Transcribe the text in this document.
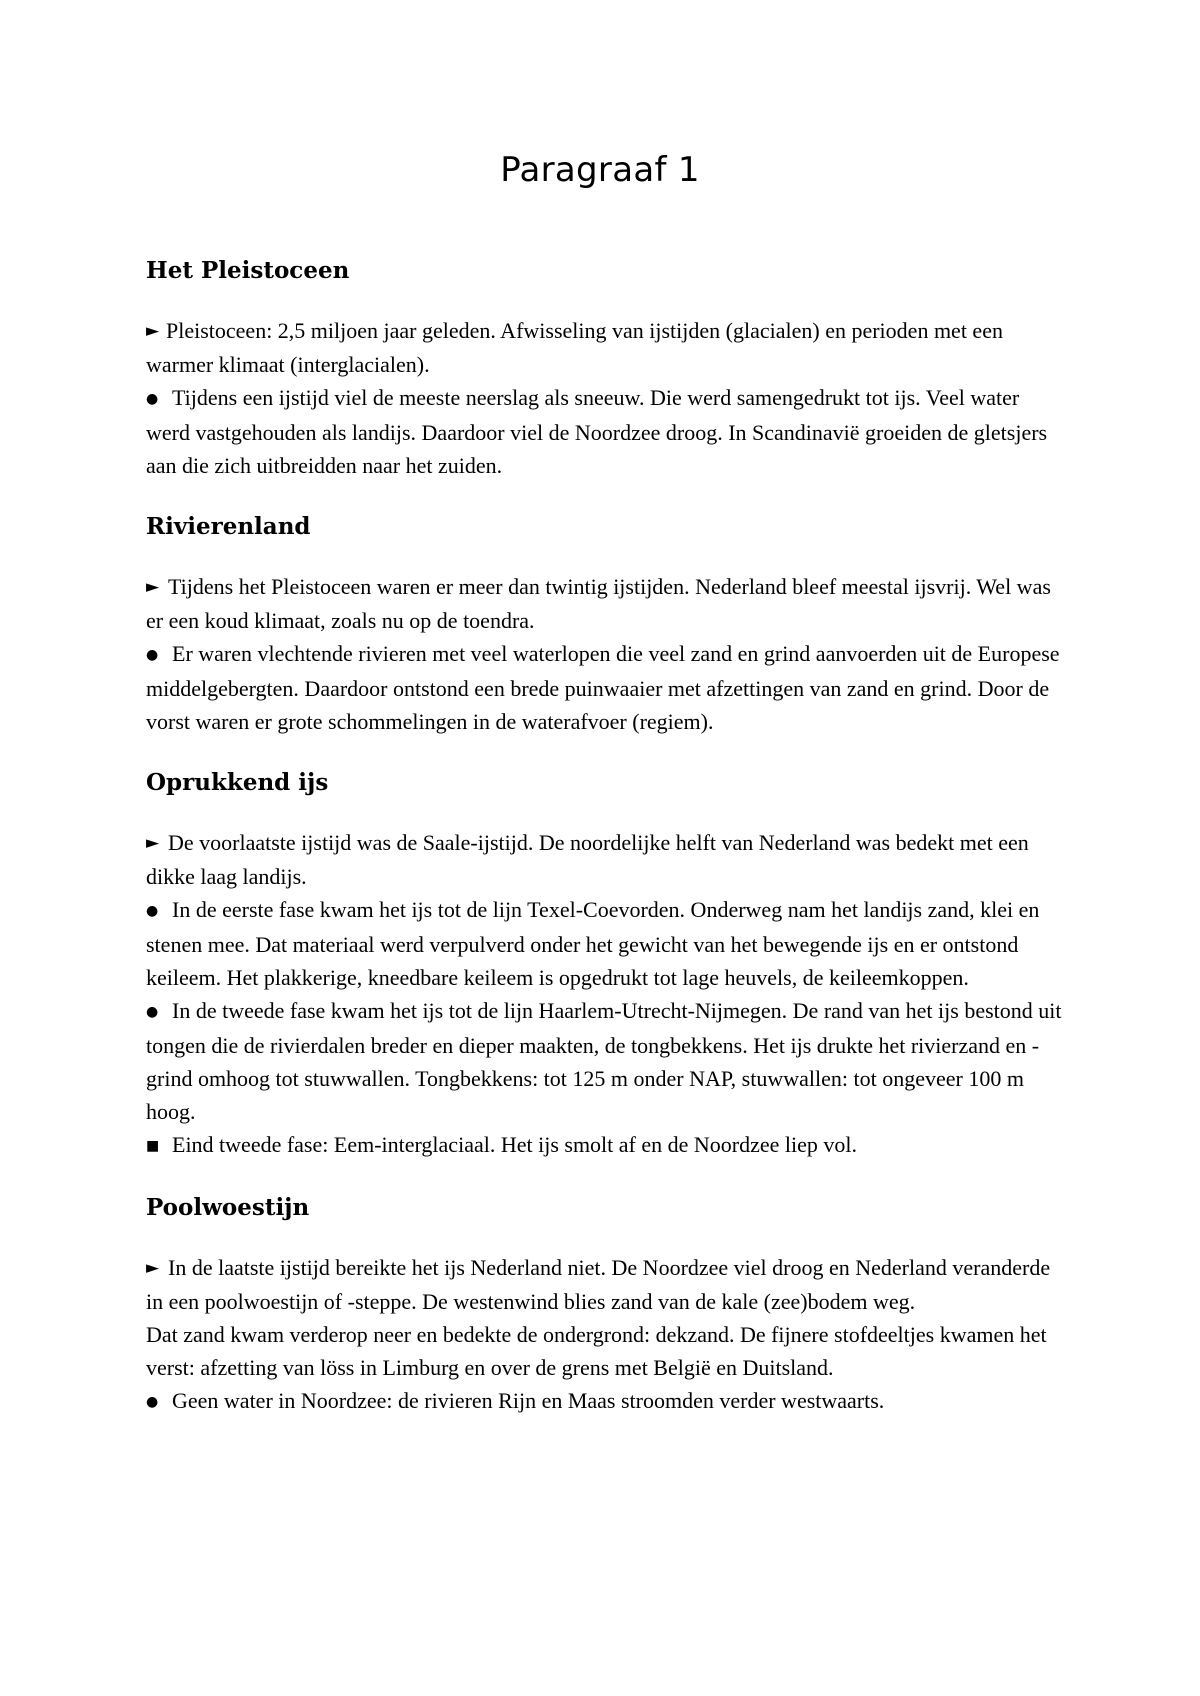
Paragraaf 1
Het Pleistoceen

► Pleistoceen: 2,5 miljoen jaar geleden. Afwisseling van ijstijden (glacialen) en perioden met een warmer klimaat (interglacialen).

● Tijdens een ijstijd viel de meeste neerslag als sneeuw. Die werd samengedrukt tot ijs. Veel water werd vastgehouden als landijs. Daardoor viel de Noordzee droog. In Scandinavië groeiden de gletsjers aan die zich uitbreidden naar het zuiden.

Rivierenland

► Tijdens het Pleistoceen waren er meer dan twintig ijstijden. Nederland bleef meestal ijsvrij. Wel was er een koud klimaat, zoals nu op de toendra.

● Er waren vlechtende rivieren met veel waterlopen die veel zand en grind aanvoerden uit de Europese middelgebergten. Daardoor ontstond een brede puinwaaier met afzettingen van zand en grind. Door de vorst waren er grote schommelingen in de waterafvoer (regiem).

Oprukkend ijs

► De voorlaatste ijstijd was de Saale-ijstijd. De noordelijke helft van Nederland was bedekt met een dikke laag landijs.

● In de eerste fase kwam het ijs tot de lijn Texel-Coevorden. Onderweg nam het landijs zand, klei en stenen mee. Dat materiaal werd verpulverd onder het gewicht van het bewegende ijs en er ontstond keileem. Het plakkerige, kneedbare keileem is opgedrukt tot lage heuvels, de keileemkoppen.

● In de tweede fase kwam het ijs tot de lijn Haarlem-Utrecht-Nijmegen. De rand van het ijs bestond uit tongen die de rivierdalen breder en dieper maakten, de tongbekkens. Het ijs drukte het rivierzand en -grind omhoog tot stuwwallen. Tongbekkens: tot 125 m onder NAP, stuwwallen: tot ongeveer 100 m hoog.

■ Eind tweede fase: Eem-interglaciaal. Het ijs smolt af en de Noordzee liep vol.

Poolwoestijn

► In de laatste ijstijd bereikte het ijs Nederland niet. De Noordzee viel droog en Nederland veranderde in een poolwoestijn of -steppe. De westenwind blies zand van de kale (zee)bodem weg.

Dat zand kwam verderop neer en bedekte de ondergrond: dekzand. De fijnere stofdeeltjes kwamen het verst: afzetting van löss in Limburg en over de grens met België en Duitsland.

● Geen water in Noordzee: de rivieren Rijn en Maas stroomden verder westwaarts.
